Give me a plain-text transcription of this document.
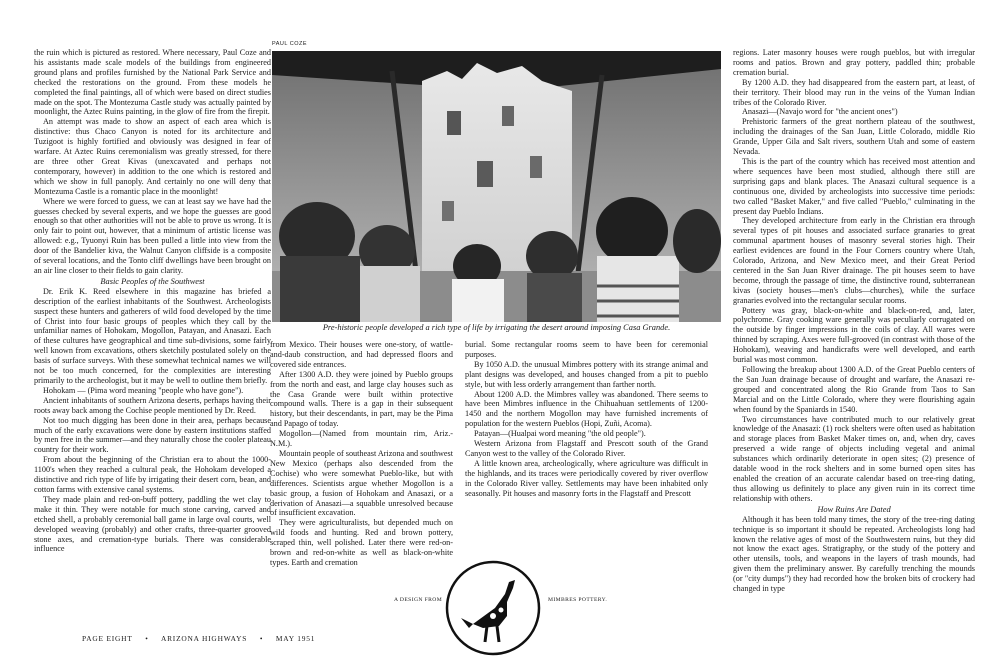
the ruin which is pictured as restored. Where necessary, Paul Coze and his assistants made scale models of the buildings from engineered ground plans and profiles furnished by the National Park Service and checked the restorations on the ground. From these models he completed the final paintings, all of which were based on direct studies made on the spot. The Montezuma Castle study was actually painted by moonlight, the Aztec Ruins painting, in the glow of fire from the firepit.

An attempt was made to show an aspect of each area which is distinctive: thus Chaco Canyon is noted for its architecture and Tuzigoot is highly fortified and obviously was designed in fear of warfare. At Aztec Ruins ceremonialism was greatly stressed, for there are three other Great Kivas (unexcavated and perhaps not contemporary, however) in addition to the one which is restored and which we show in full panoply. And certainly no one will deny that Montezuma Castle is a romantic place in the moonlight!

Where we were forced to guess, we can at least say we have had the guesses checked by several experts, and we hope the guesses are good enough so that other authorities will not be able to prove us wrong. It is only fair to point out, however, that a minimum of artistic license was allowed: e.g., Tyuonyi Ruin has been pulled a little into view from the door of the Bandelier kiva, the Walnut Canyon cliffside is a composite of several locations, and the Tonto cliff dwellings have been brought on an air line closer to their fields to gain clarity.

Basic Peoples of the Southwest

Dr. Erik K. Reed elsewhere in this magazine has briefed a description of the earliest inhabitants of the Southwest. Archeologists suspect these hunters and gatherers of wild food developed by the time of Christ into four basic groups of peoples which they call by the unfamiliar names of Hohokam, Mogollon, Patayan, and Anasazi. Each of these cultures have geographical and time sub-divisions, some fairly well known from excavations, others sketchily postulated solely on the basis of surface surveys. With these somewhat technical names we will not be too much concerned, for the complexities are interesting primarily to the archeologist, but it may be well to outline them briefly.

Hohokam — (Pima word meaning "people who have gone").

Ancient inhabitants of southern Arizona deserts, perhaps having their roots away back among the Cochise people mentioned by Dr. Reed.

Not too much digging has been done in their area, perhaps because much of the early excavations were done by eastern institutions staffed by men free in the summer—and they naturally chose the cooler plateau country for their work.

From about the beginning of the Christian era to about the 1000-1100's when they reached a cultural peak, the Hohokam developed a distinctive and rich type of life by irrigating their desert corn, bean, and cotton farms with extensive canal systems.

They made plain and red-on-buff pottery, paddling the wet clay to make it thin. They were notable for much stone carving, carved and etched shell, a probably ceremonial ball game in large oval courts, well developed weaving (probably) and other crafts, three-quarter grooved stone axes, and cremation-type burials. There was considerable influence

PAUL COZE
Pre-historic people developed a rich type of life by irrigating the desert around imposing Casa Grande.

from Mexico. Their houses were one-story, of wattle-and-daub construction, and had depressed floors and covered side entrances.

After 1300 A.D. they were joined by Pueblo groups from the north and east, and large clay houses such as the Casa Grande were built within protective compound walls. There is a gap in their subsequent history, but their descendants, in part, may be the Pima and Papago of today.

Mogollon—(Named from mountain rim, Ariz.-N.M.).

Mountain people of southeast Arizona and southwest New Mexico (perhaps also descended from the Cochise) who were somewhat Pueblo-like, but with differences. Scientists argue whether Mogollon is a basic group, a fusion of Hohokam and Anasazi, or a derivation of Anasazi—a squabble unresolved because of insufficient excavation.

They were agriculturalists, but depended much on wild foods and hunting. Red and brown pottery, scraped thin, well polished. Later there were red-on-brown and red-on-white as well as black-on-white types. Earth and cremation

burial. Some rectangular rooms seem to have been for ceremonial purposes.

By 1050 A.D. the unusual Mimbres pottery with its strange animal and plant designs was developed, and houses changed from a pit to pueblo style, but with less orderly arrangement than farther north.

About 1200 A.D. the Mimbres valley was abandoned. There seems to have been Mimbres influence in the Chihuahuan settlements of 1200-1450 and the northern Mogollon may have furnished increments of population for the western Pueblos (Hopi, Zuñi, Acoma).

Patayan—(Hualpai word meaning "the old people").

Western Arizona from Flagstaff and Prescott south of the Grand Canyon west to the valley of the Colorado River.

A little known area, archeologically, where agriculture was difficult in the highlands, and its traces were periodically covered by river overflow in the Colorado River valley. Settlements may have been inhabited only seasonally. Pit houses and masonry forts in the Flagstaff and Prescott

A DESIGN FROM	MIMBRES POTTERY.

regions. Later masonry houses were rough pueblos, but with irregular rooms and patios. Brown and gray pottery, paddled thin; probable cremation burial.

By 1200 A.D. they had disappeared from the eastern part, at least, of their territory. Their blood may run in the veins of the Yuman Indian tribes of the Colorado River.

Anasazi—(Navajo word for "the ancient ones")

Prehistoric farmers of the great northern plateau of the southwest, including the drainages of the San Juan, Little Colorado, middle Rio Grande, Upper Gila and Salt rivers, southern Utah and some of eastern Nevada.

This is the part of the country which has received most attention and where sequences have been most studied, although there still are surprising gaps and blank places. The Anasazi cultural sequence is a continuous one, divided by archeologists into successive time periods: two called "Basket Maker," and five called "Pueblo," culminating in the present day Pueblo Indians.

They developed architecture from early in the Christian era through several types of pit houses and associated surface granaries to great communal apartment houses of masonry several stories high. Their earliest evidences are found in the Four Corners country where Utah, Colorado, Arizona, and New Mexico meet, and their Great Period centered in the San Juan River drainage. The pit houses seem to have become, through the passage of time, the distinctive round, subterranean kivas (society houses—men's clubs—churches), while the surface granaries evolved into the rectangular secular rooms.

Pottery was gray, black-on-white and black-on-red, and, later, polychrome. Gray cooking ware generally was peculiarly corrugated on the outside by finger impressions in the coils of clay. All wares were thinned by scraping. Axes were full-grooved (in contrast with those of the Hohokam), weaving and handicrafts were well developed, and earth burial was most common.

Following the breakup about 1300 A.D. of the Great Pueblo centers of the San Juan drainage because of drought and warfare, the Anasazi re-grouped and concentrated along the Rio Grande from Taos to San Marcial and on the Little Colorado, where they were flourishing again when found by the Spaniards in 1540.

Two circumstances have contributed much to our relatively great knowledge of the Anasazi: (1) rock shelters were often used as habitation and storage places from Basket Maker times on, and, when dry, caves preserved a wide range of objects including vegetal and animal substances which ordinarily deteriorate in open sites; (2) presence of datable wood in the rock shelters and in some burned open sites has enabled the creation of an accurate calendar based on tree-ring dating, thus allowing us definitely to place any given ruin in its correct time relationship with others.

How Ruins Are Dated

Although it has been told many times, the story of the tree-ring dating technique is so important it should be repeated. Archeologists long had known the relative ages of most of the Southwestern ruins, but they did not know the exact ages. Stratigraphy, or the study of the pottery and other utensils, tools, and weapons in the layers of trash mounds, had given them the preliminary answer. By carefully trenching the mounds (or "city dumps") they had recorded how the broken bits of crockery had changed in type

PAGE EIGHT • ARIZONA HIGHWAYS • MAY 1951
